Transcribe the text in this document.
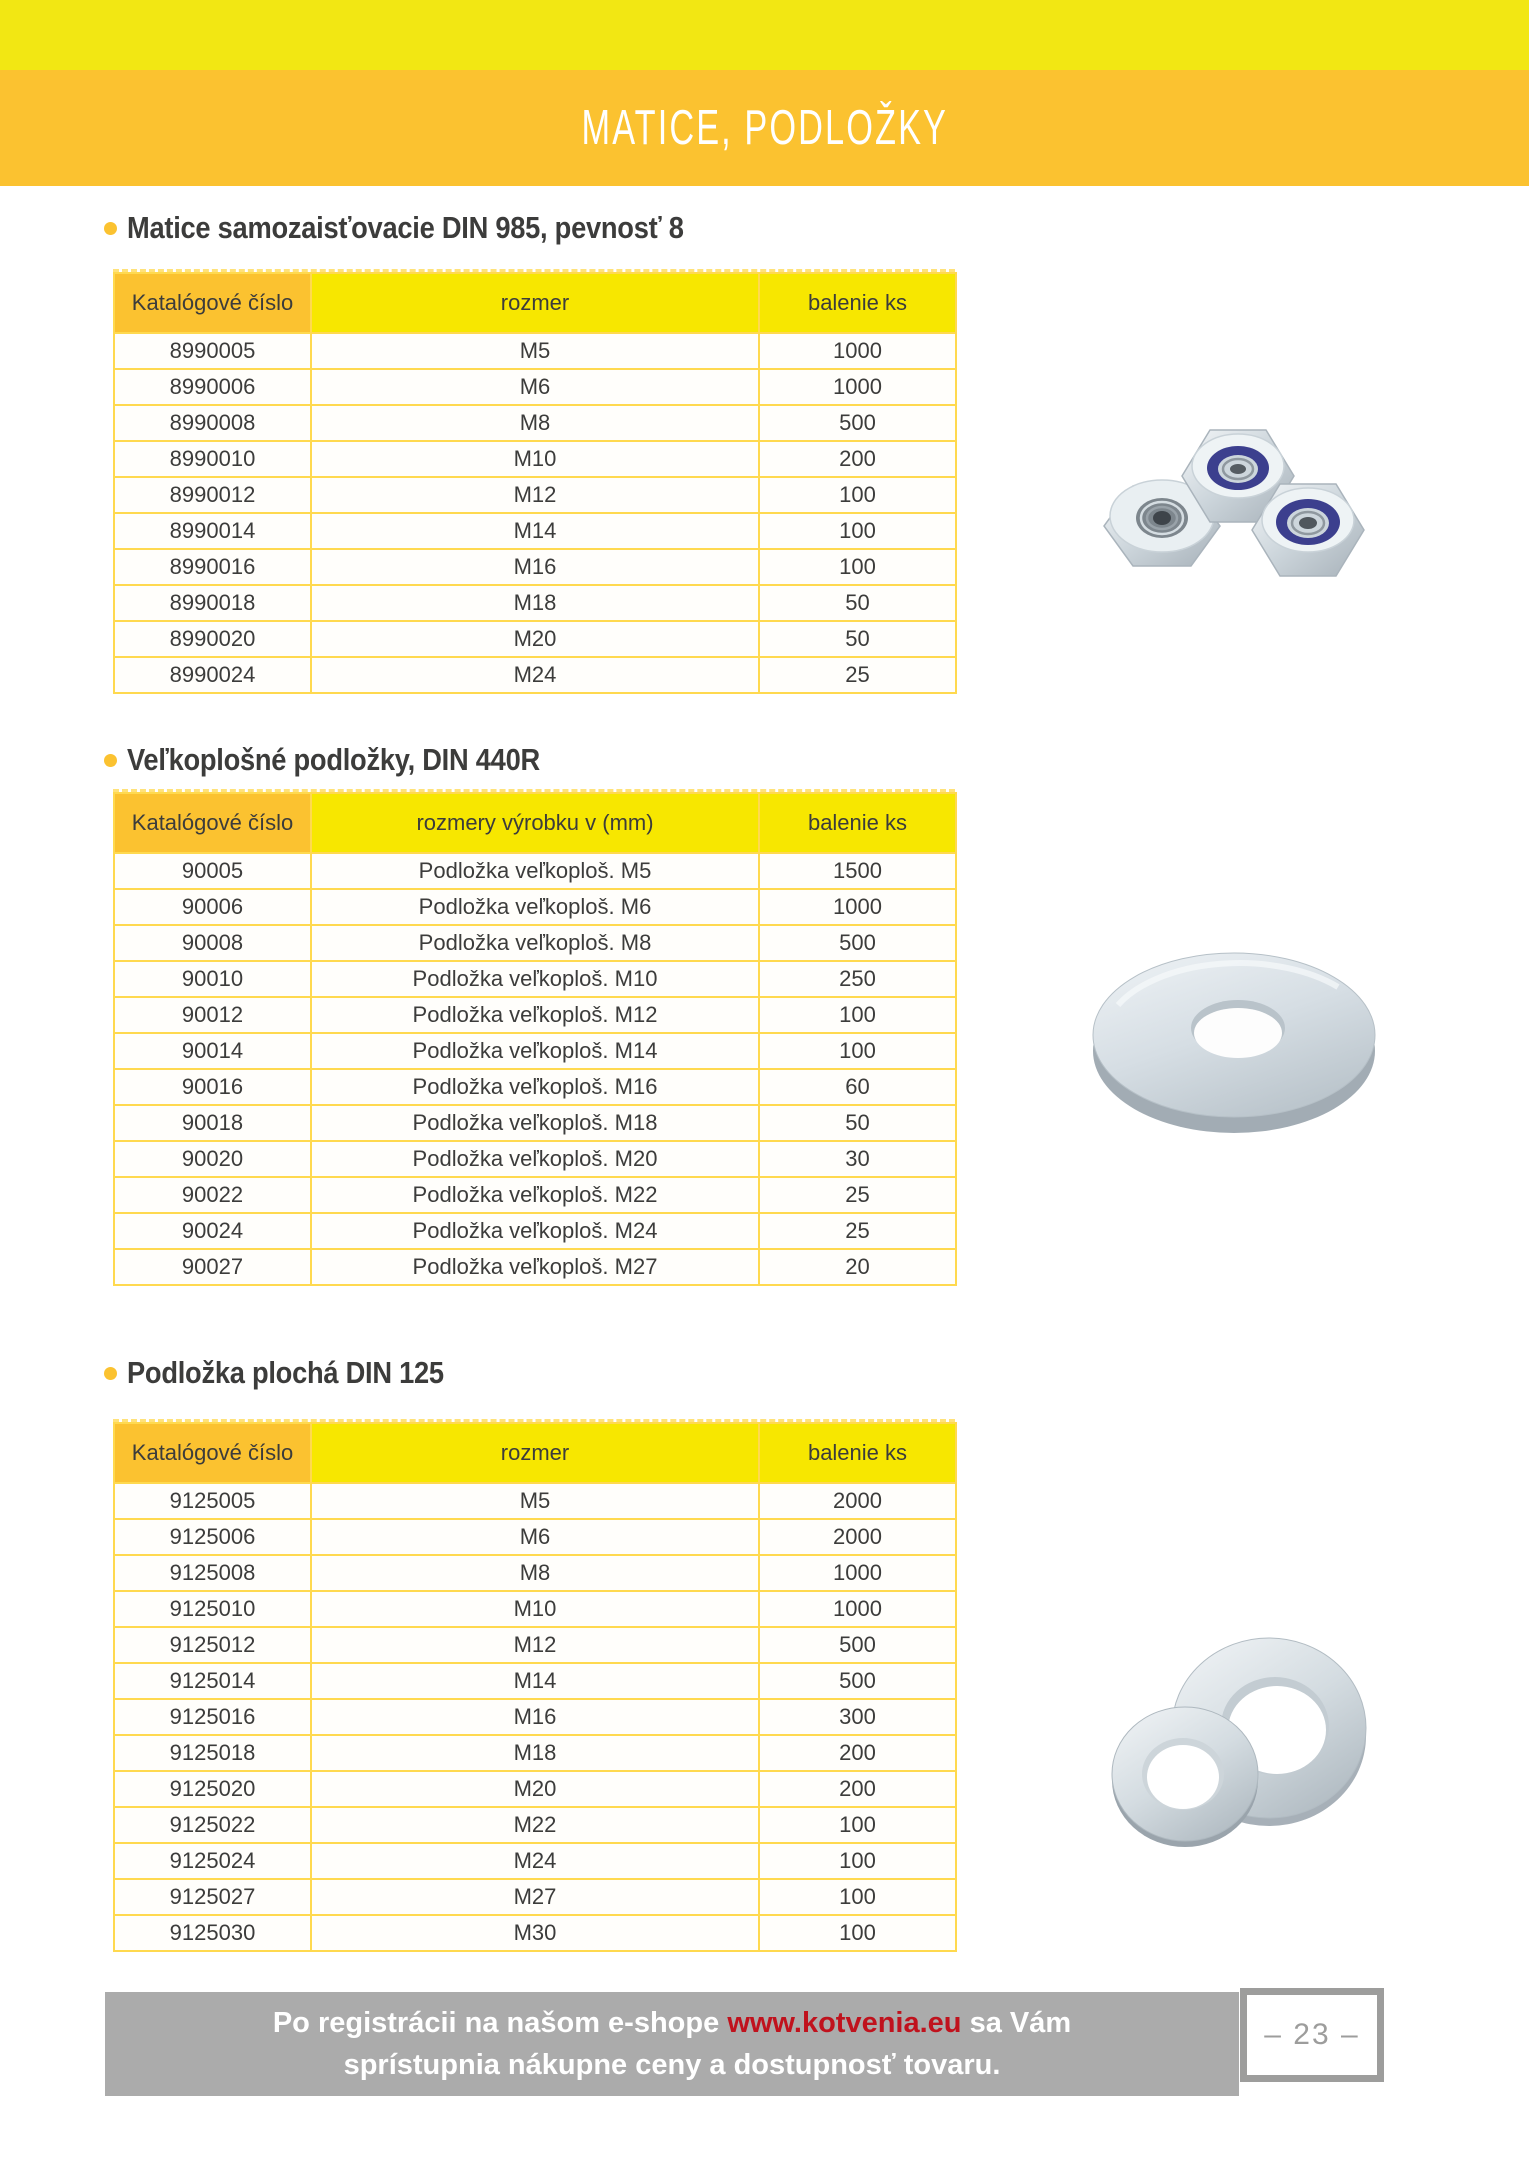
MATICE, PODLOŽKY
Matice samozaisťovacie DIN 985, pevnosť 8
Katalógové číslo	rozmer	balenie ks
8990005	M5	1000
8990006	M6	1000
8990008	M8	500
8990010	M10	200
8990012	M12	100
8990014	M14	100
8990016	M16	100
8990018	M18	50
8990020	M20	50
8990024	M24	25
Veľkoplošné podložky, DIN 440R
Katalógové číslo	rozmery výrobku v (mm)	balenie ks
90005	Podložka veľkoploš. M5	1500
90006	Podložka veľkoploš. M6	1000
90008	Podložka veľkoploš. M8	500
90010	Podložka veľkoploš. M10	250
90012	Podložka veľkoploš. M12	100
90014	Podložka veľkoploš. M14	100
90016	Podložka veľkoploš. M16	60
90018	Podložka veľkoploš. M18	50
90020	Podložka veľkoploš. M20	30
90022	Podložka veľkoploš. M22	25
90024	Podložka veľkoploš. M24	25
90027	Podložka veľkoploš. M27	20
Podložka plochá DIN 125
Katalógové číslo	rozmer	balenie ks
9125005	M5	2000
9125006	M6	2000
9125008	M8	1000
9125010	M10	1000
9125012	M12	500
9125014	M14	500
9125016	M16	300
9125018	M18	200
9125020	M20	200
9125022	M22	100
9125024	M24	100
9125027	M27	100
9125030	M30	100
Po registrácii na našom e-shope www.kotvenia.eu sa Vám
sprístupnia nákupne ceny a dostupnosť tovaru.
– 23 –
